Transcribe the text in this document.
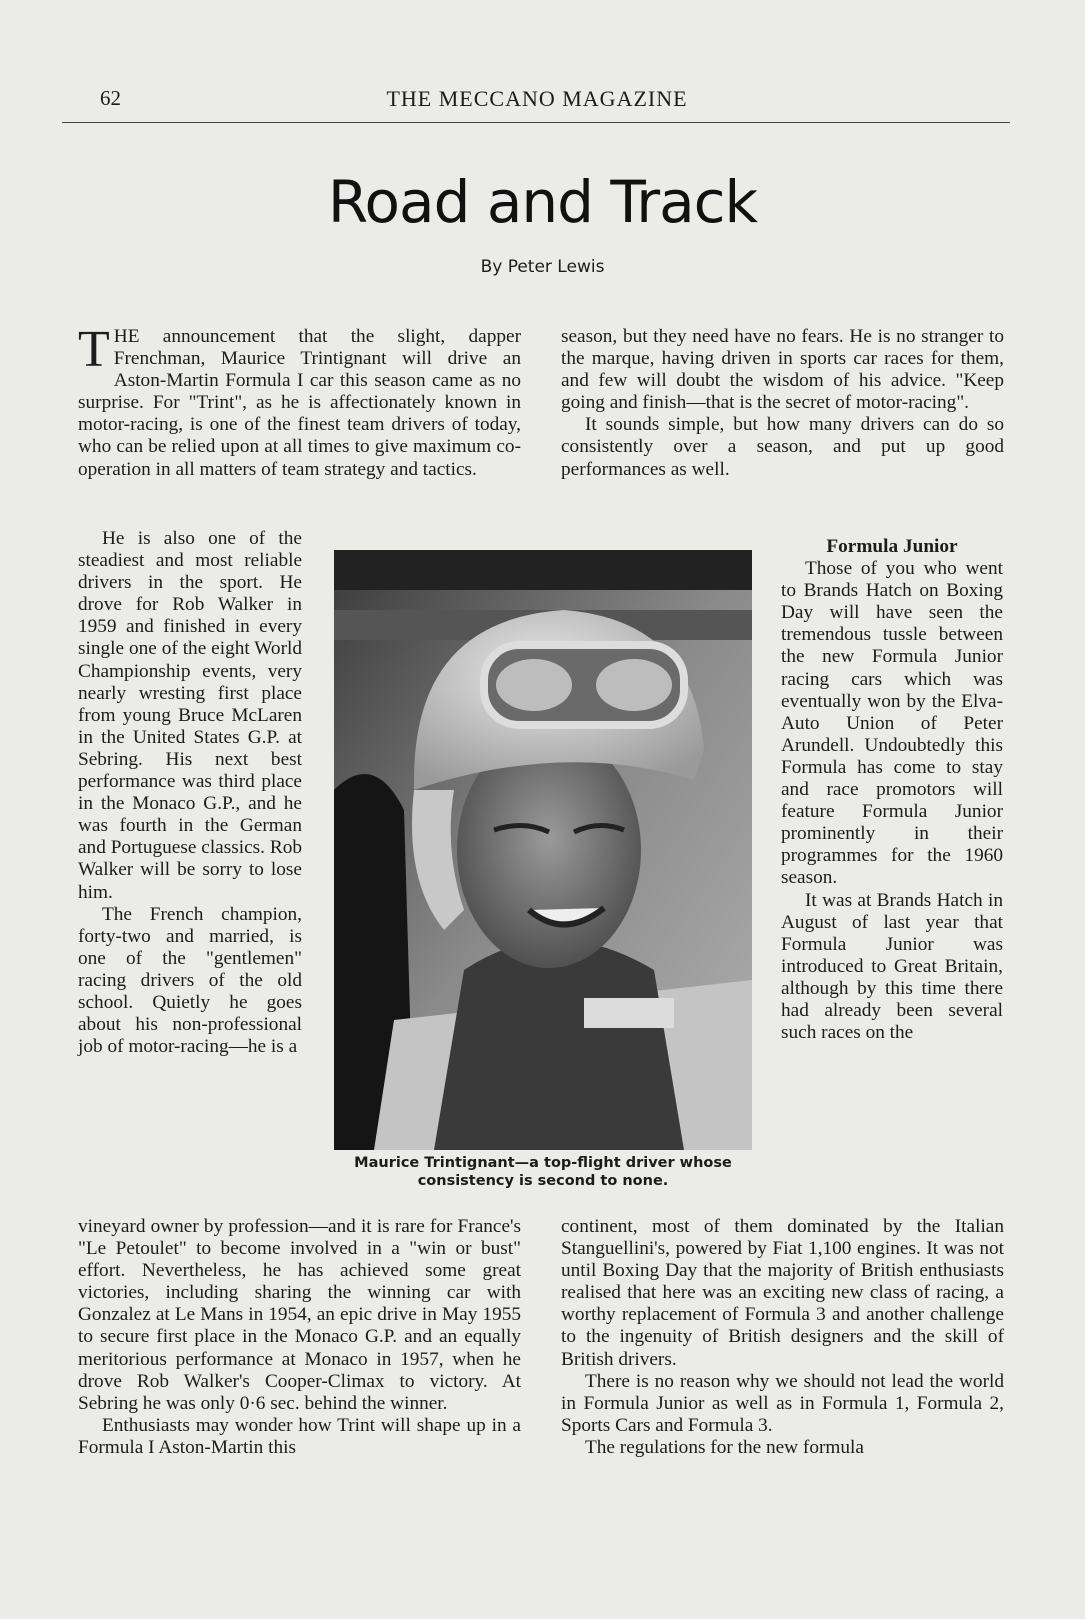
62	THE MECCANO MAGAZINE
Road and Track
By Peter Lewis

THE announcement that the slight, dapper Frenchman, Maurice Trintignant will drive an Aston-Martin Formula I car this season came as no surprise. For "Trint", as he is affectionately known in motor-racing, is one of the finest team drivers of today, who can be relied upon at all times to give maximum co-operation in all matters of team strategy and tactics.

season, but they need have no fears. He is no stranger to the marque, having driven in sports car races for them, and few will doubt the wisdom of his advice. "Keep going and finish—that is the secret of motor-racing".

It sounds simple, but how many drivers can do so consistently over a season, and put up good performances as well.

He is also one of the steadiest and most reliable drivers in the sport. He drove for Rob Walker in 1959 and finished in every single one of the eight World Championship events, very nearly wresting first place from young Bruce McLaren in the United States G.P. at Sebring. His next best performance was third place in the Monaco G.P., and he was fourth in the German and Portuguese classics. Rob Walker will be sorry to lose him.

The French champion, forty-two and married, is one of the "gentlemen" racing drivers of the old school. Quietly he goes about his non-professional job of motor-racing—he is a

Maurice Trintignant—a top-flight driver whose consistency is second to none.

Formula Junior

Those of you who went to Brands Hatch on Boxing Day will have seen the tremendous tussle between the new Formula Junior racing cars which was eventually won by the Elva-Auto Union of Peter Arundell. Undoubtedly this Formula has come to stay and race promotors will feature Formula Junior prominently in their programmes for the 1960 season.

It was at Brands Hatch in August of last year that Formula Junior was introduced to Great Britain, although by this time there had already been several such races on the

vineyard owner by profession—and it is rare for France's "Le Petoulet" to become involved in a "win or bust" effort. Nevertheless, he has achieved some great victories, including sharing the winning car with Gonzalez at Le Mans in 1954, an epic drive in May 1955 to secure first place in the Monaco G.P. and an equally meritorious performance at Monaco in 1957, when he drove Rob Walker's Cooper-Climax to victory. At Sebring he was only 0·6 sec. behind the winner.

Enthusiasts may wonder how Trint will shape up in a Formula I Aston-Martin this

continent, most of them dominated by the Italian Stanguellini's, powered by Fiat 1,100 engines. It was not until Boxing Day that the majority of British enthusiasts realised that here was an exciting new class of racing, a worthy replacement of Formula 3 and another challenge to the ingenuity of British designers and the skill of British drivers.

There is no reason why we should not lead the world in Formula Junior as well as in Formula 1, Formula 2, Sports Cars and Formula 3.

The regulations for the new formula
